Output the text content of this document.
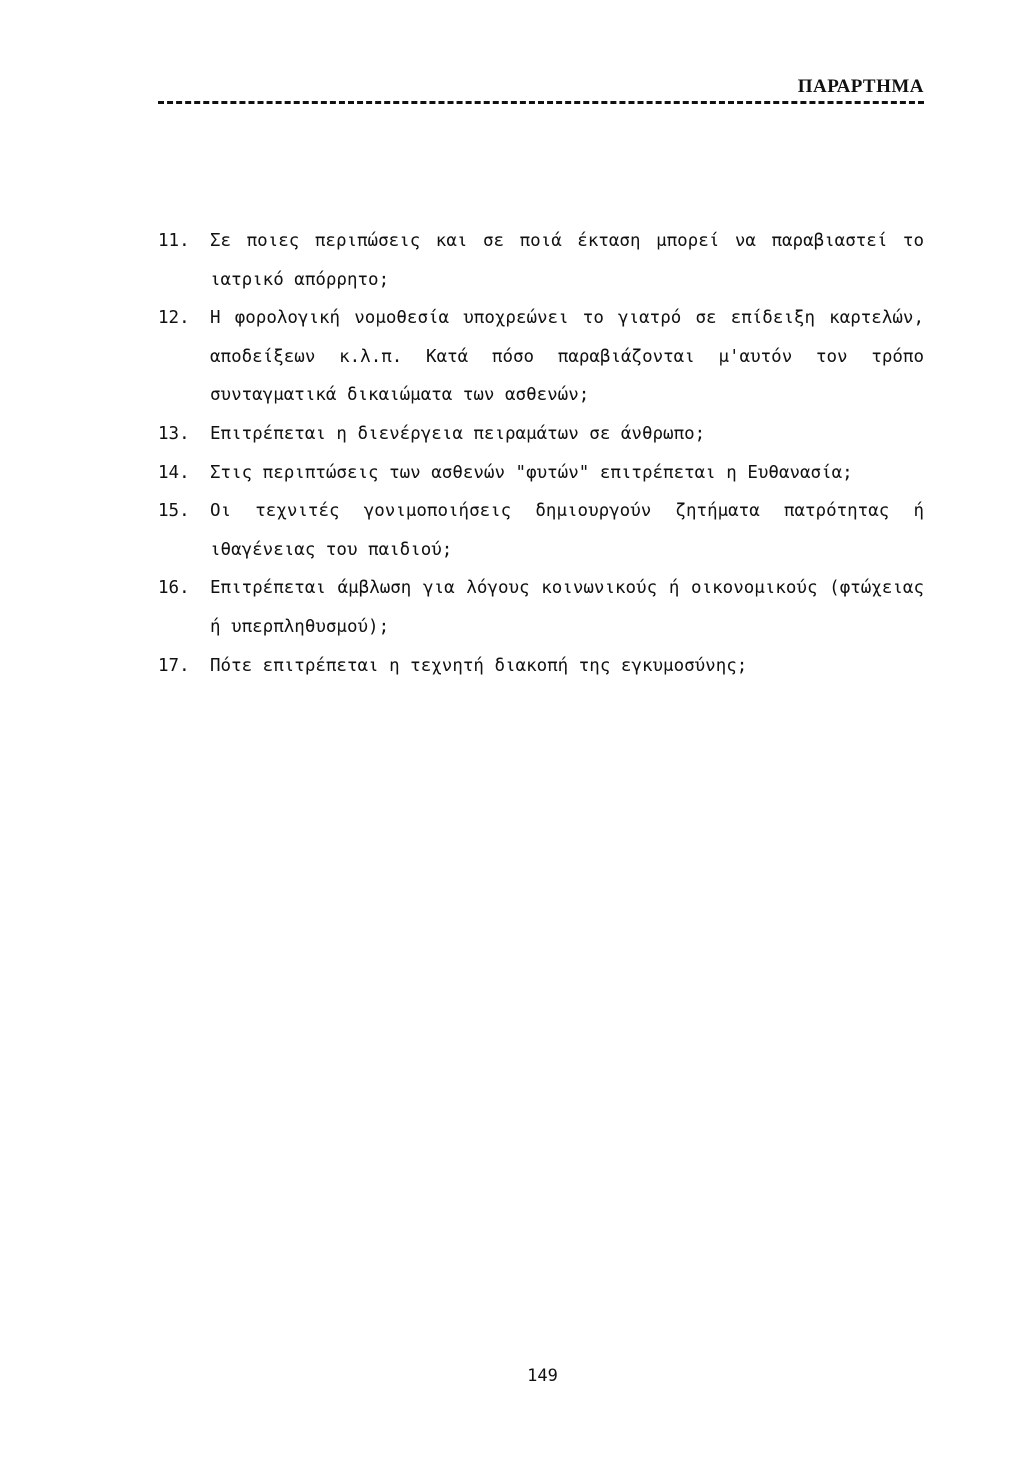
ΠΑΡΑΡΤΗΜΑ
11. Σε ποιες περιπώσεις και σε ποιά έκταση μπορεί να παραβιαστεί το ιατρικό απόρρητο;
12. Η φορολογική νομοθεσία υποχρεώνει το γιατρό σε επίδειξη καρτελών, αποδείξεων κ.λ.π. Κατά πόσο παραβιάζονται μ'αυτόν τον τρόπο συνταγματικά δικαιώματα των ασθενών;
13. Επιτρέπεται η διενέργεια πειραμάτων σε άνθρωπο;
14. Στις περιπτώσεις των ασθενών "φυτών" επιτρέπεται η Ευθανασία;
15. Οι τεχνιτές γονιμοποιήσεις δημιουργούν ζητήματα πατρότητας ή ιθαγένειας του παιδιού;
16. Επιτρέπεται άμβλωση για λόγους κοινωνικούς ή οικονομικούς (φτώχειας ή υπερπληθυσμού);
17. Πότε επιτρέπεται η τεχνητή διακοπή της εγκυμοσύνης;
149
